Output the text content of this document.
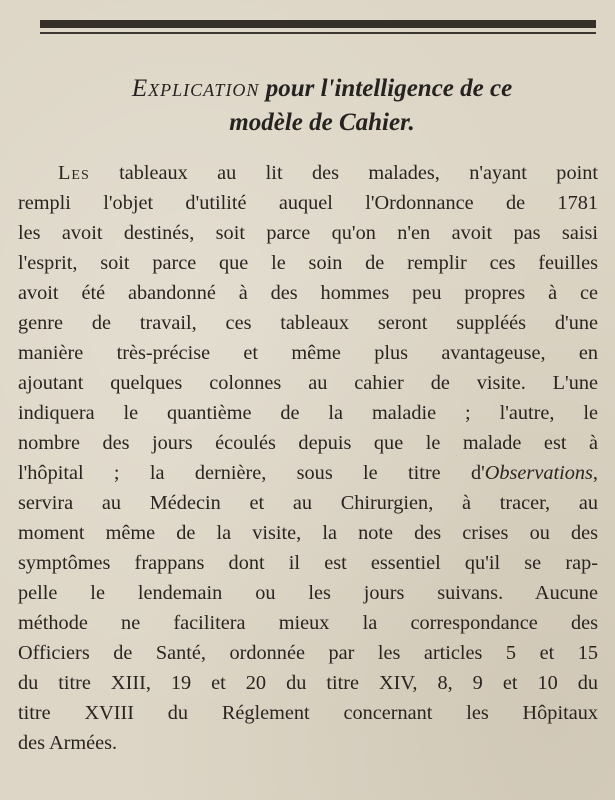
Explication pour l'intelligence de ce
modèle de Cahier.

Les tableaux au lit des malades, n'ayant point
rempli l'objet d'utilité auquel l'Ordonnance de 1781
les avoit destinés, soit parce qu'on n'en avoit pas saisi
l'esprit, soit parce que le soin de remplir ces feuilles
avoit été abandonné à des hommes peu propres à ce
genre de travail, ces tableaux seront suppléés d'une
manière très-précise et même plus avantageuse, en
ajoutant quelques colonnes au cahier de visite. L'une
indiquera le quantième de la maladie ; l'autre, le
nombre des jours écoulés depuis que le malade est à
l'hôpital ; la dernière, sous le titre d'Observations,
servira au Médecin et au Chirurgien, à tracer, au
moment même de la visite, la note des crises ou des
symptômes frappans dont il est essentiel qu'il se rap-
pelle le lendemain ou les jours suivans. Aucune
méthode ne facilitera mieux la correspondance des
Officiers de Santé, ordonnée par les articles 5 et 15
du titre XIII, 19 et 20 du titre XIV, 8, 9 et 10 du
titre XVIII du Réglement concernant les Hôpitaux
des Armées.
